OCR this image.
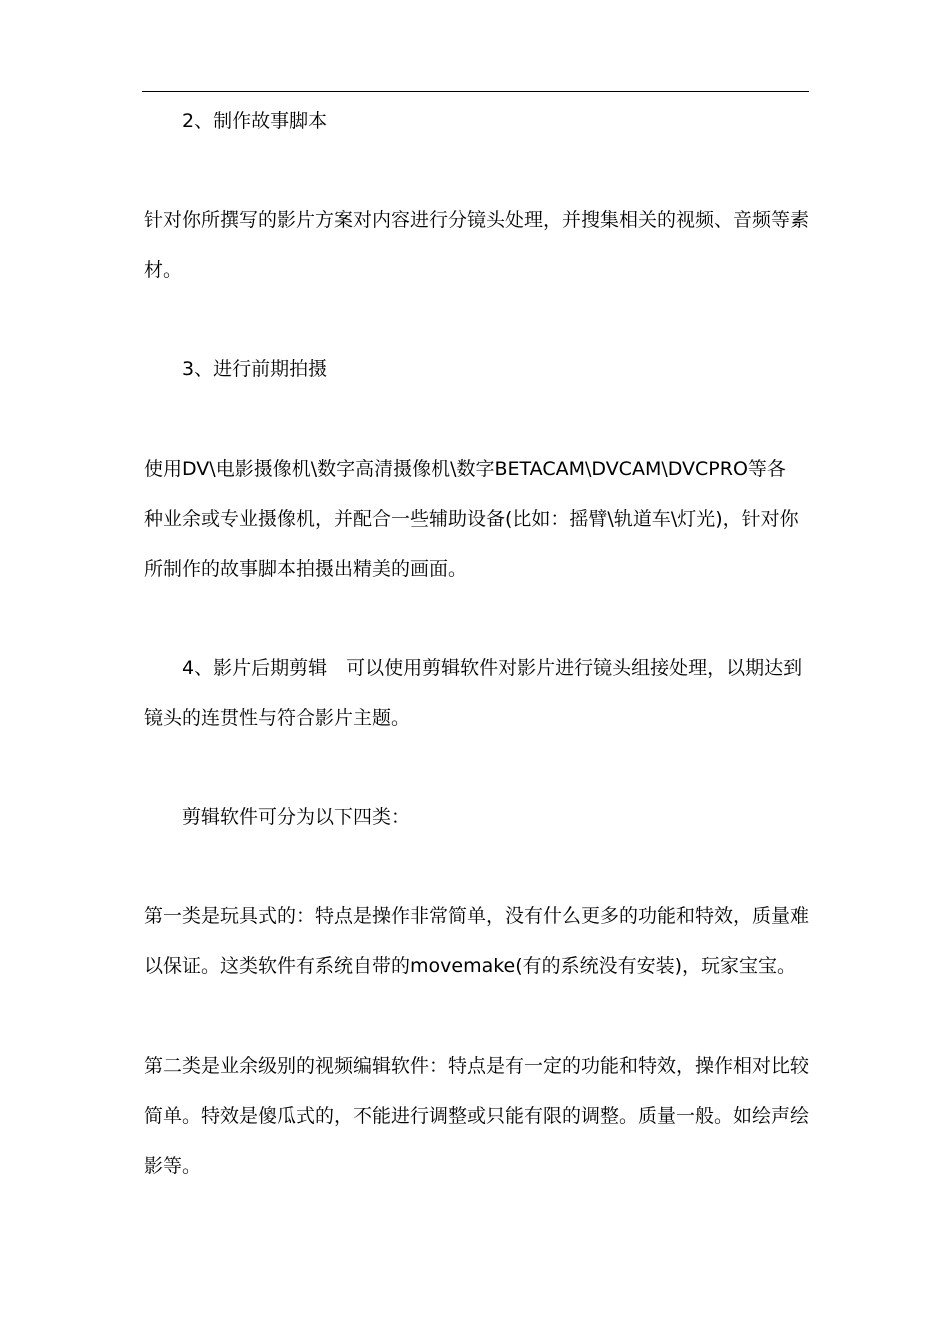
2、制作故事脚本
针对你所撰写的影片方案对内容进行分镜头处理，并搜集相关的视频、音频等素
材。
3、进行前期拍摄
使用DV\电影摄像机\数字高清摄像机\数字BETACAM\DVCAM\DVCPRO等各
种业余或专业摄像机，并配合一些辅助设备(比如：摇臂\轨道车\灯光)，针对你
所制作的故事脚本拍摄出精美的画面。
4、影片后期剪辑　可以使用剪辑软件对影片进行镜头组接处理，以期达到
镜头的连贯性与符合影片主题。
剪辑软件可分为以下四类：
第一类是玩具式的：特点是操作非常简单，没有什么更多的功能和特效，质量难
以保证。这类软件有系统自带的movemake(有的系统没有安装)，玩家宝宝。
第二类是业余级别的视频编辑软件：特点是有一定的功能和特效，操作相对比较
简单。特效是傻瓜式的，不能进行调整或只能有限的调整。质量一般。如绘声绘
影等。
